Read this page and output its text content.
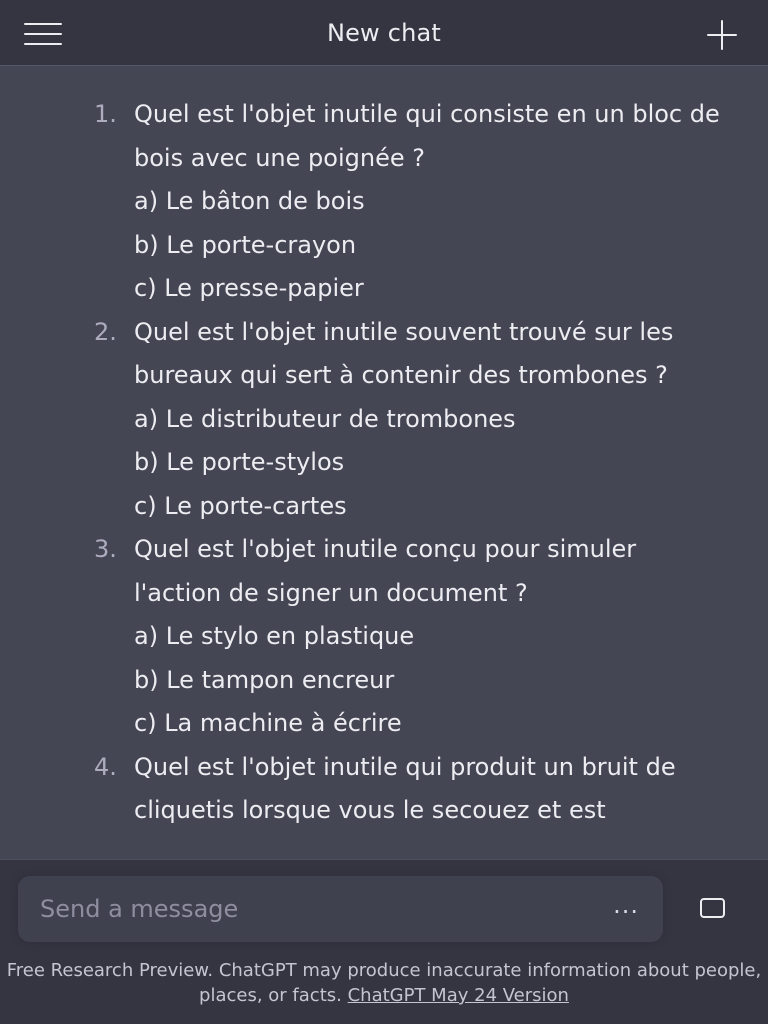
New chat
1. Quel est l'objet inutile qui consiste en un bloc de bois avec une poignée ?
a) Le bâton de bois
b) Le porte-crayon
c) Le presse-papier
2. Quel est l'objet inutile souvent trouvé sur les bureaux qui sert à contenir des trombones ?
a) Le distributeur de trombones
b) Le porte-stylos
c) Le porte-cartes
3. Quel est l'objet inutile conçu pour simuler l'action de signer un document ?
a) Le stylo en plastique
b) Le tampon encreur
c) La machine à écrire
4. Quel est l'objet inutile qui produit un bruit de cliquetis lorsque vous le secouez et est
Send a message
···
Free Research Preview. ChatGPT may produce inaccurate information about people, places, or facts. ChatGPT May 24 Version
